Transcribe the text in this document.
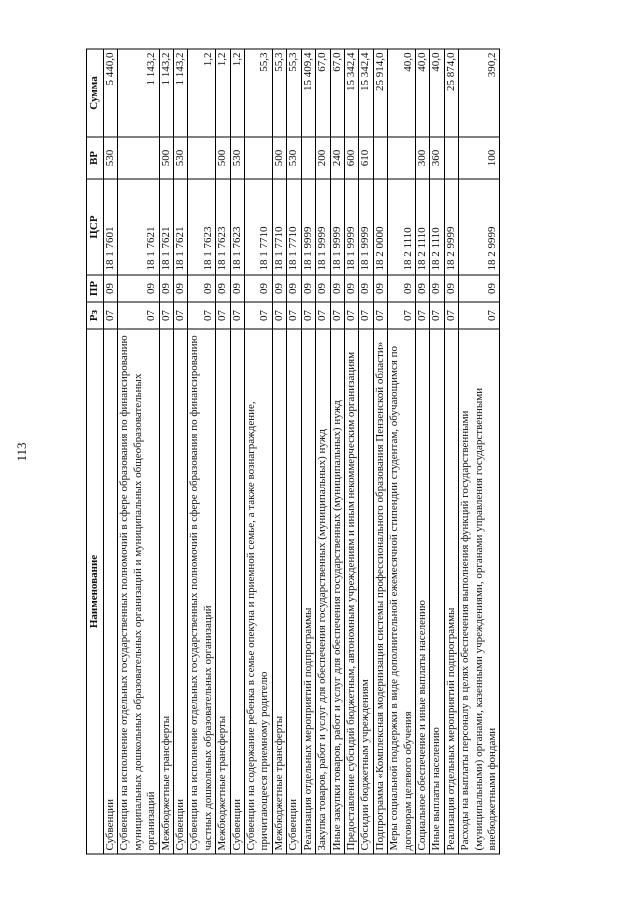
113
Наименование	Рз	ПР	ЦСР	ВР	Сумма
Субвенции	07	09	18 1 7601	530	5 440,0
Субвенции на исполнение отдельных государственных полномочий в сфере образования по финансированию муниципальных дошкольных образовательных организаций и муниципальных общеобразовательных организаций	07	09	18 1 7621		1 143,2
Межбюджетные трансферты	07	09	18 1 7621	500	1 143,2
Субвенции	07	09	18 1 7621	530	1 143,2
Субвенции на исполнение отдельных государственных полномочий в сфере образования по финансированию частных дошкольных образовательных организаций	07	09	18 1 7623		1,2
Межбюджетные трансферты	07	09	18 1 7623	500	1,2
Субвенции	07	09	18 1 7623	530	1,2
Субвенции на содержание ребенка в семье опекуна и приемной семье, а также вознаграждение, причитающееся приемному родителю	07	09	18 1 7710		55,3
Межбюджетные трансферты	07	09	18 1 7710	500	55,3
Субвенции	07	09	18 1 7710	530	55,3
Реализация отдельных мероприятий подпрограммы	07	09	18 1 9999		15 409,4
Закупка товаров, работ и услуг для обеспечения государственных (муниципальных) нужд	07	09	18 1 9999	200	67,0
Иные закупки товаров, работ и услуг для обеспечения государственных (муниципальных) нужд	07	09	18 1 9999	240	67,0
Предоставление субсидий бюджетным, автономным учреждениям и иным некоммерческим организациям	07	09	18 1 9999	600	15 342,4
Субсидии бюджетным учреждениям	07	09	18 1 9999	610	15 342,4
Подпрограмма «Комплексная модернизация системы профессионального образования Пензенской области»	07	09	18 2 0000		25 914,0
Меры социальной поддержки в виде дополнительной ежемесячной стипендии студентам, обучающимся по договорам целевого обучения	07	09	18 2 1110		40,0
Социальное обеспечение и иные выплаты населению	07	09	18 2 1110	300	40,0
Иные выплаты населению	07	09	18 2 1110	360	40,0
Реализация отдельных мероприятий подпрограммы	07	09	18 2 9999		25 874,0
Расходы на выплаты персоналу в целях обеспечения выполнения функций государственными (муниципальными) органами, казенными учреждениями, органами управления государственными внебюджетными фондами	07	09	18 2 9999	100	390,2
